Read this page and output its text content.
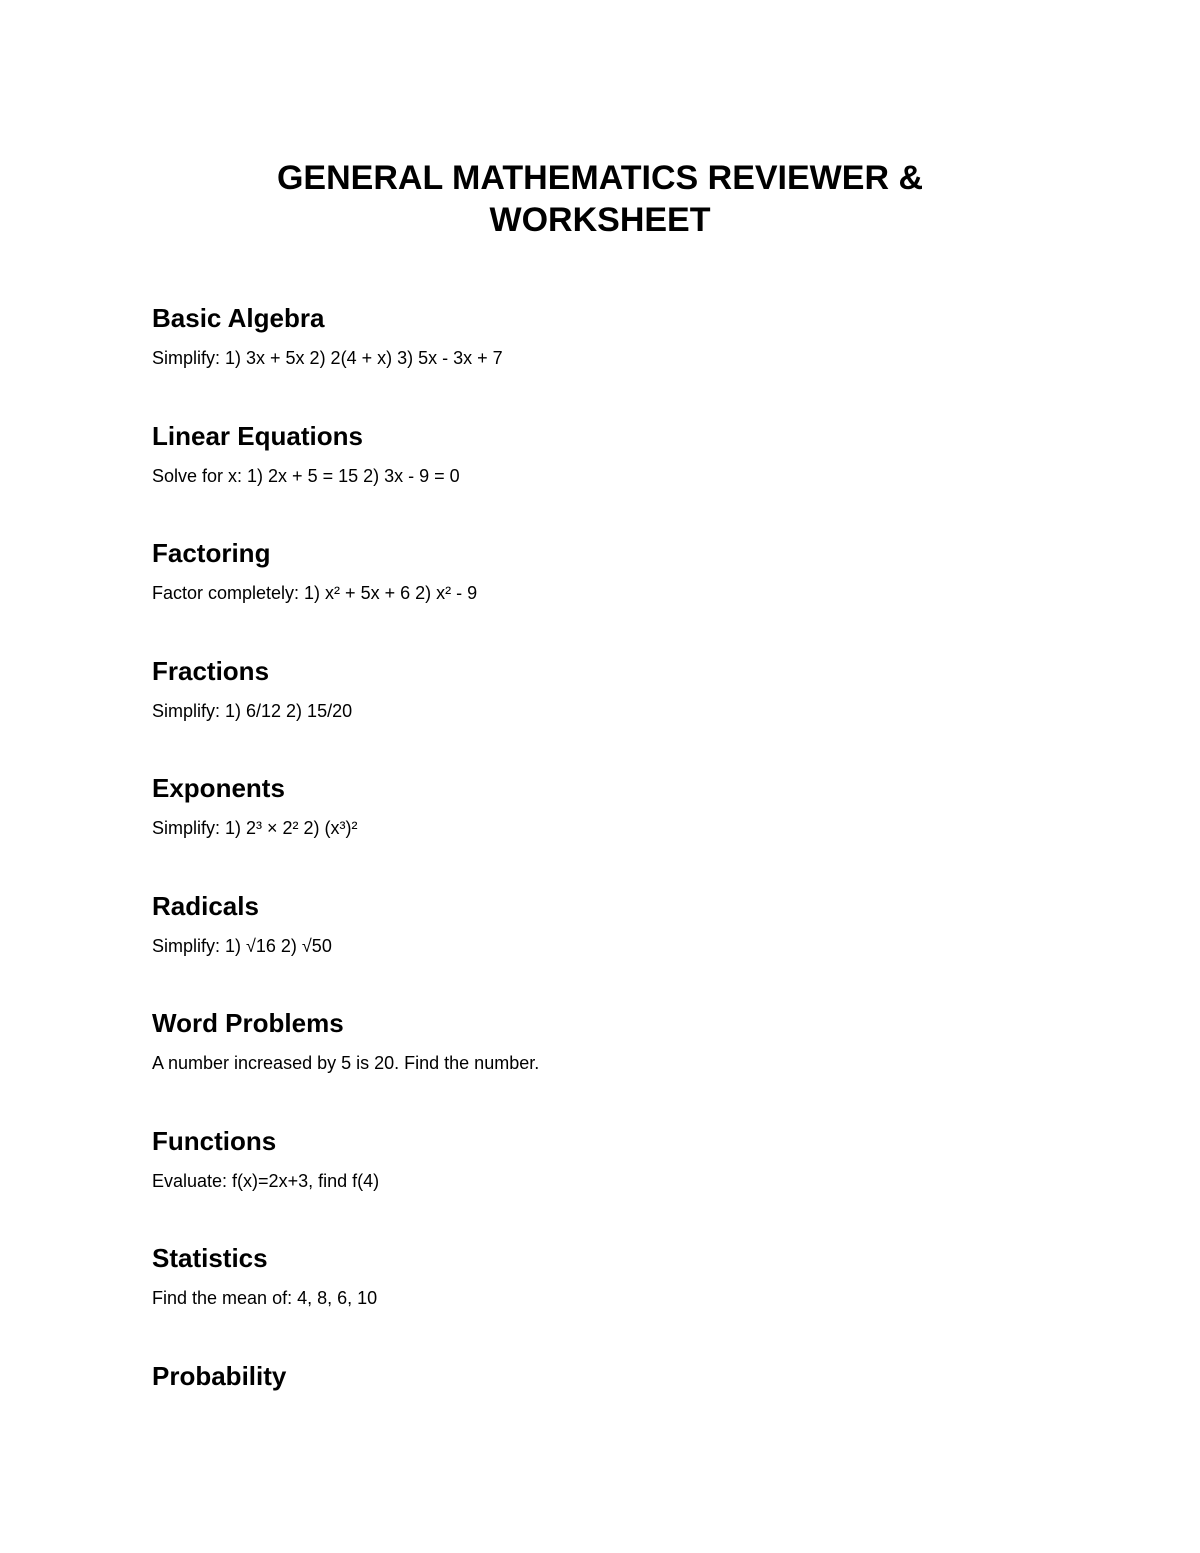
GENERAL MATHEMATICS REVIEWER &
WORKSHEET
Basic Algebra

Simplify: 1) 3x + 5x 2) 2(4 + x) 3) 5x - 3x + 7

Linear Equations

Solve for x: 1) 2x + 5 = 15 2) 3x - 9 = 0

Factoring

Factor completely: 1) x² + 5x + 6 2) x² - 9

Fractions

Simplify: 1) 6/12 2) 15/20

Exponents

Simplify: 1) 2³ × 2² 2) (x³)²

Radicals

Simplify: 1) √16 2) √50

Word Problems

A number increased by 5 is 20. Find the number.

Functions

Evaluate: f(x)=2x+3, find f(4)

Statistics

Find the mean of: 4, 8, 6, 10

Probability
